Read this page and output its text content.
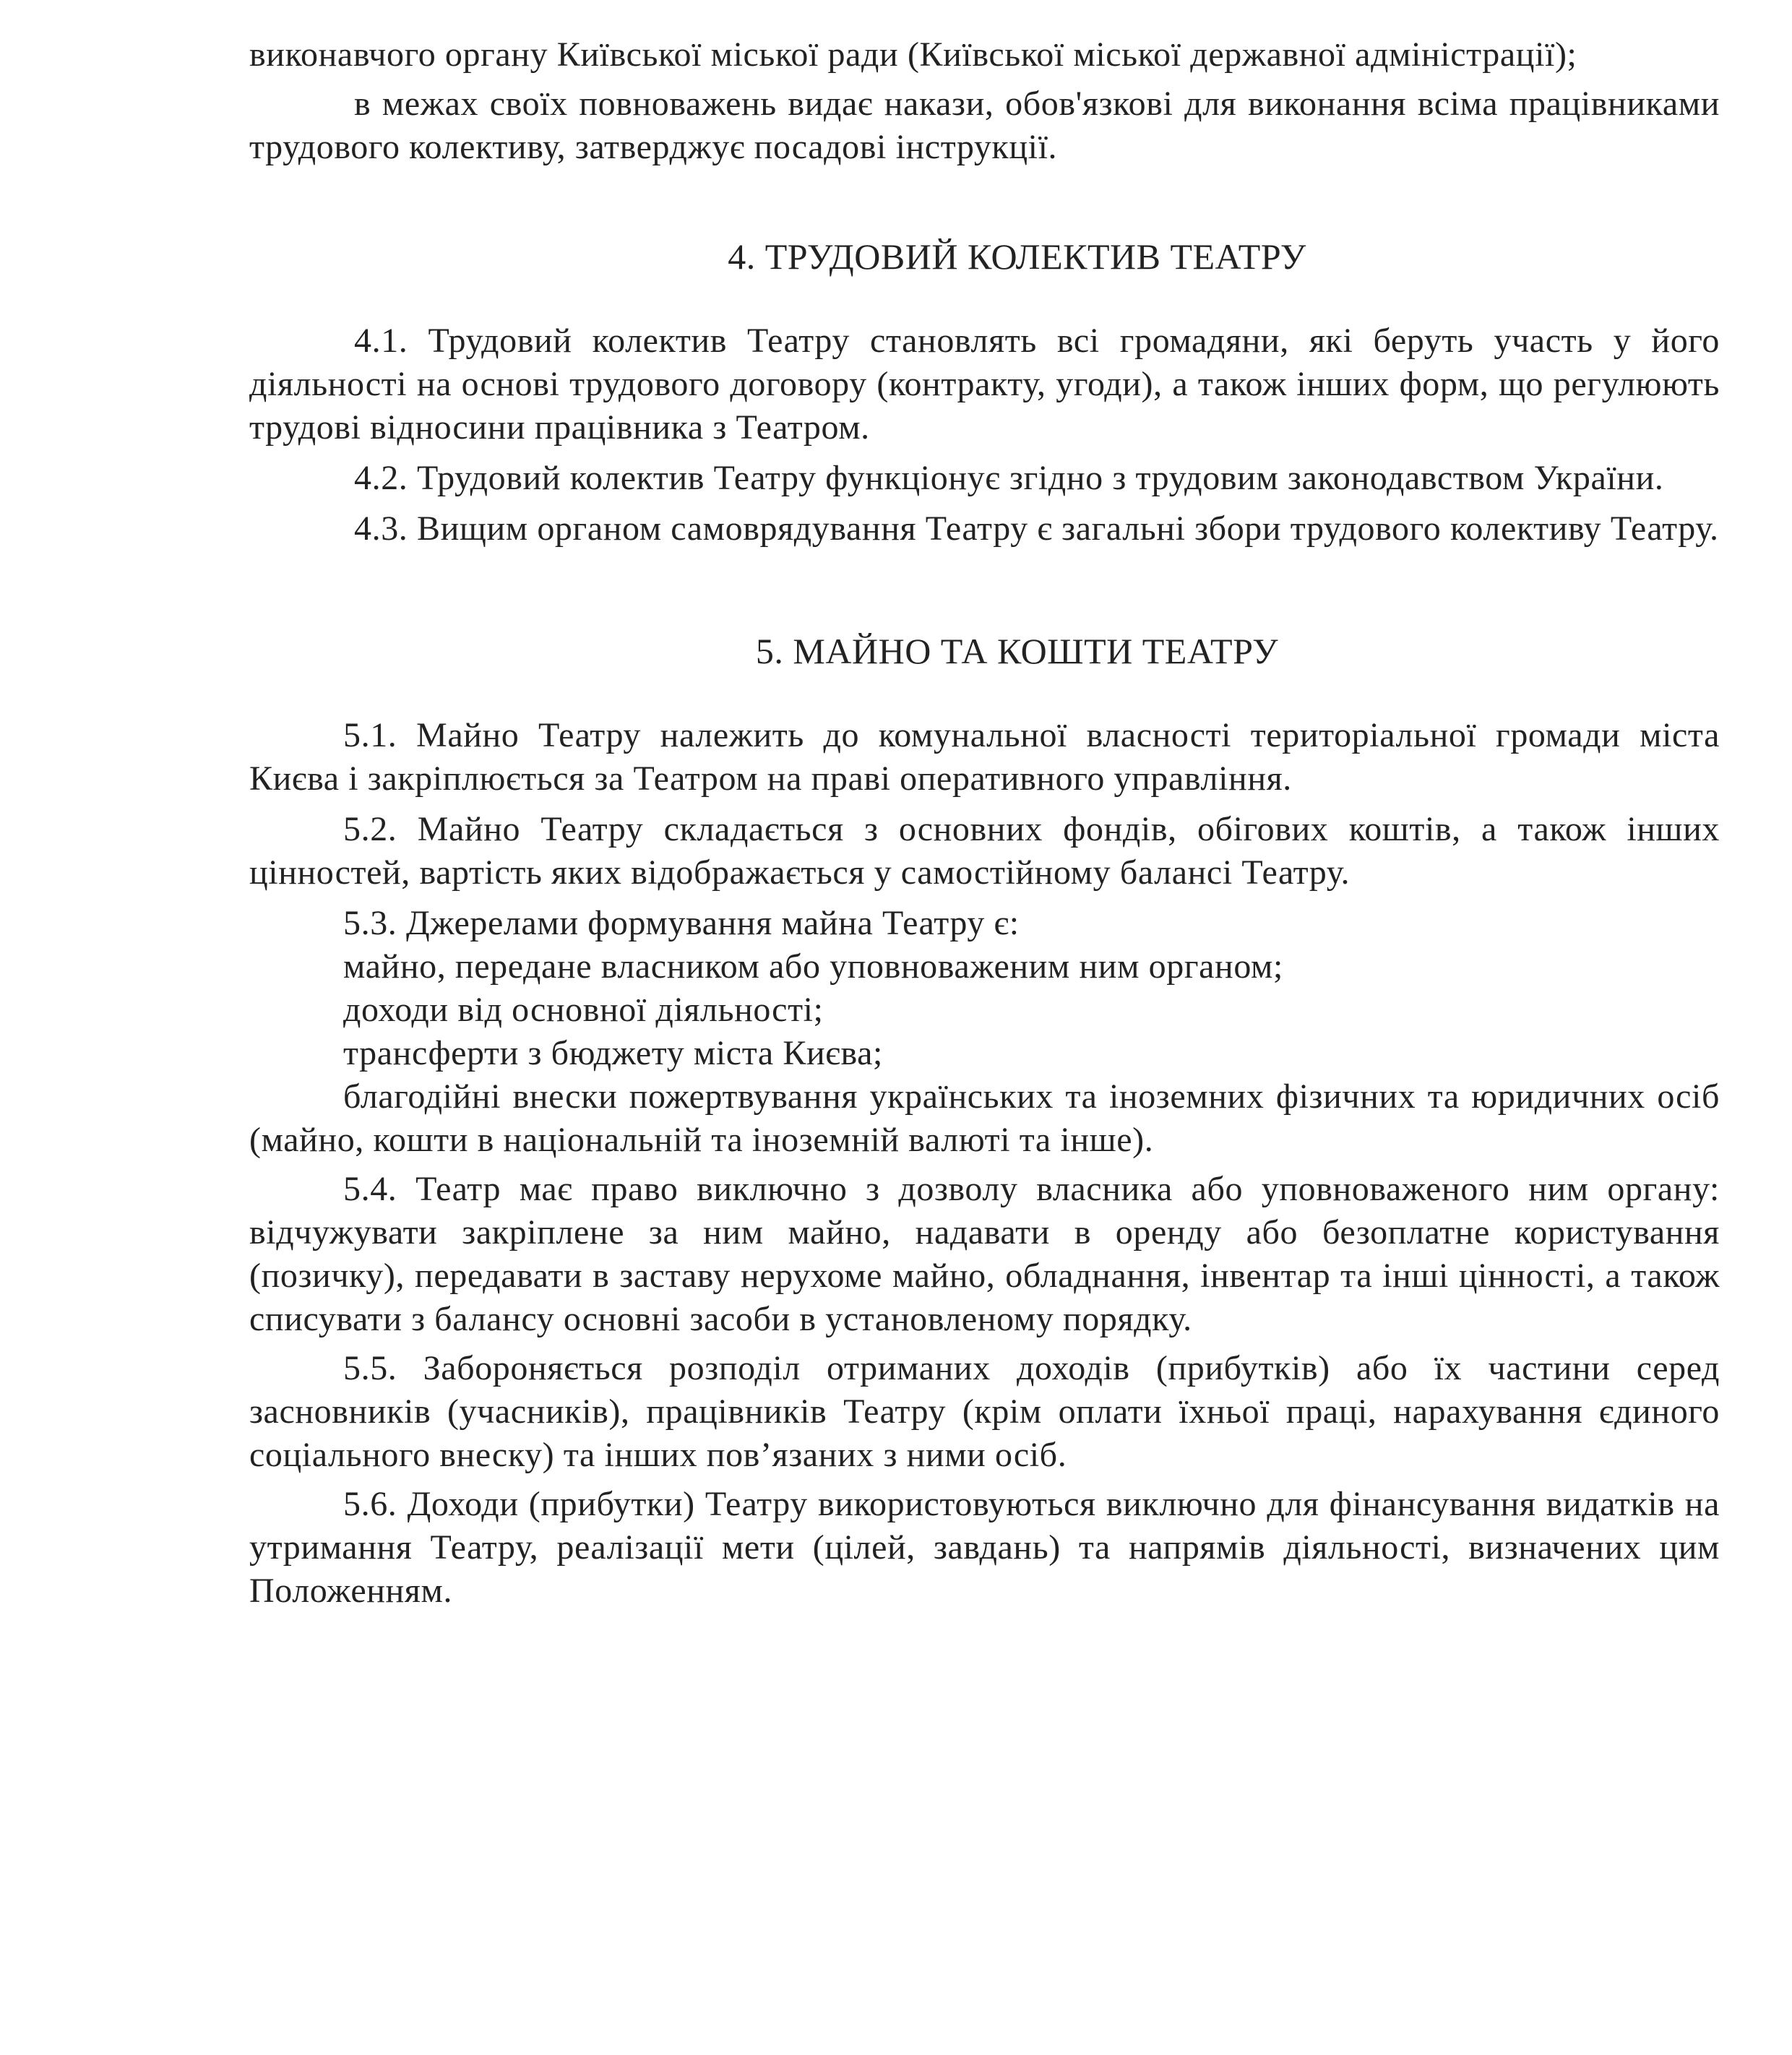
виконавчого органу Київської міської ради (Київської міської державної адміністрації);

в межах своїх повноважень видає накази, обов'язкові для виконання всіма працівниками трудового колективу, затверджує посадові інструкції.

4. ТРУДОВИЙ КОЛЕКТИВ ТЕАТРУ

4.1. Трудовий колектив Театру становлять всі громадяни, які беруть участь у його діяльності на основі трудового договору (контракту, угоди), а також інших форм, що регулюють трудові відносини працівника з Театром.

4.2. Трудовий колектив Театру функціонує згідно з трудовим законодавством України.

4.3. Вищим органом самоврядування Театру є загальні збори трудового колективу Театру.

5. МАЙНО ТА КОШТИ ТЕАТРУ

5.1. Майно Театру належить до комунальної власності територіальної громади міста Києва і закріплюється за Театром на праві оперативного управління.

5.2. Майно Театру складається з основних фондів, обігових коштів, а також інших цінностей, вартість яких відображається у самостійному балансі Театру.

5.3. Джерелами формування майна Театру є:

майно, передане власником або уповноваженим ним органом;

доходи від основної діяльності;

трансферти з бюджету міста Києва;

благодійні внески пожертвування українських та іноземних фізичних та юридичних осіб (майно, кошти в національній та іноземній валюті та інше).

5.4. Театр має право виключно з дозволу власника або уповноваженого ним органу: відчужувати закріплене за ним майно, надавати в оренду або безоплатне користування (позичку), передавати в заставу нерухоме майно, обладнання, інвентар та інші цінності, а також списувати з балансу основні засоби в установленому порядку.

5.5. Забороняється розподіл отриманих доходів (прибутків) або їх частини серед засновників (учасників), працівників Театру (крім оплати їхньої праці, нарахування єдиного соціального внеску) та інших пов’язаних з ними осіб.

5.6. Доходи (прибутки) Театру використовуються виключно для фінансування видатків на утримання Театру, реалізації мети (цілей, завдань) та напрямів діяльності, визначених цим Положенням.
